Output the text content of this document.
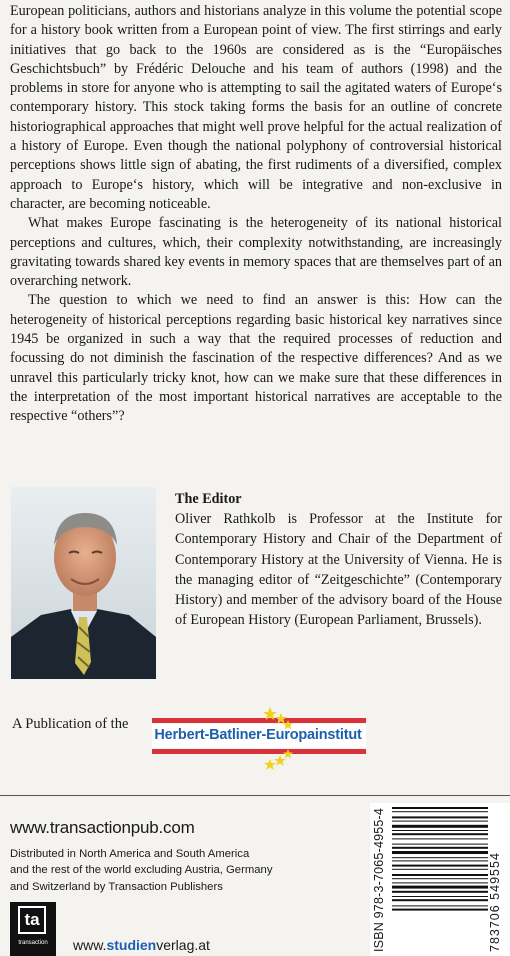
European politicians, authors and historians analyze in this volume the potential scope for a history book written from a European point of view. The first stirrings and early initiatives that go back to the 1960s are considered as is the “Europäisches Geschichtsbuch” by Frédéric Delouche and his team of authors (1998) and the problems in store for anyone who is attempting to sail the agitated waters of Europe‘s contemporary history. This stock taking forms the basis for an outline of concrete historiographical approaches that might well prove helpful for the actual realization of a history of Europe. Even though the national polyphony of controversial historical perceptions shows little sign of abating, the first rudiments of a diversified, complex approach to Europe‘s history, which will be integrative and non-exclusive in character, are becoming noticeable.

What makes Europe fascinating is the heterogeneity of its national historical perceptions and cultures, which, their complexity notwithstanding, are increasingly gravitating towards shared key events in memory spaces that are themselves part of an overarching network.

The question to which we need to find an answer is this: How can the heterogeneity of historical perceptions regarding basic historical key narratives since 1945 be organized in such a way that the required processes of reduction and focussing do not diminish the fascination of the respective differences? And as we unravel this particularly tricky knot, how can we make sure that these differences in the interpretation of the most important historical narratives are acceptable to the respective “others”?

The Editor

Oliver Rathkolb is Professor at the Institute for Contemporary History and Chair of the Department of Contemporary History at the University of Vienna. He is the managing editor of “Zeitgeschichte” (Contemporary History) and member of the advisory board of the House of European History (European Parliament, Brussels).

A Publication of the
Herbert-Batliner-Europainstitut
www.transactionpub.com
Distributed in North America and South America
and the rest of the world excluding Austria, Germany
and Switzerland by Transaction Publishers
ta
transaction	www.studienverlag.at	ISBN 978-3-7065-4955-4	783706 549554
